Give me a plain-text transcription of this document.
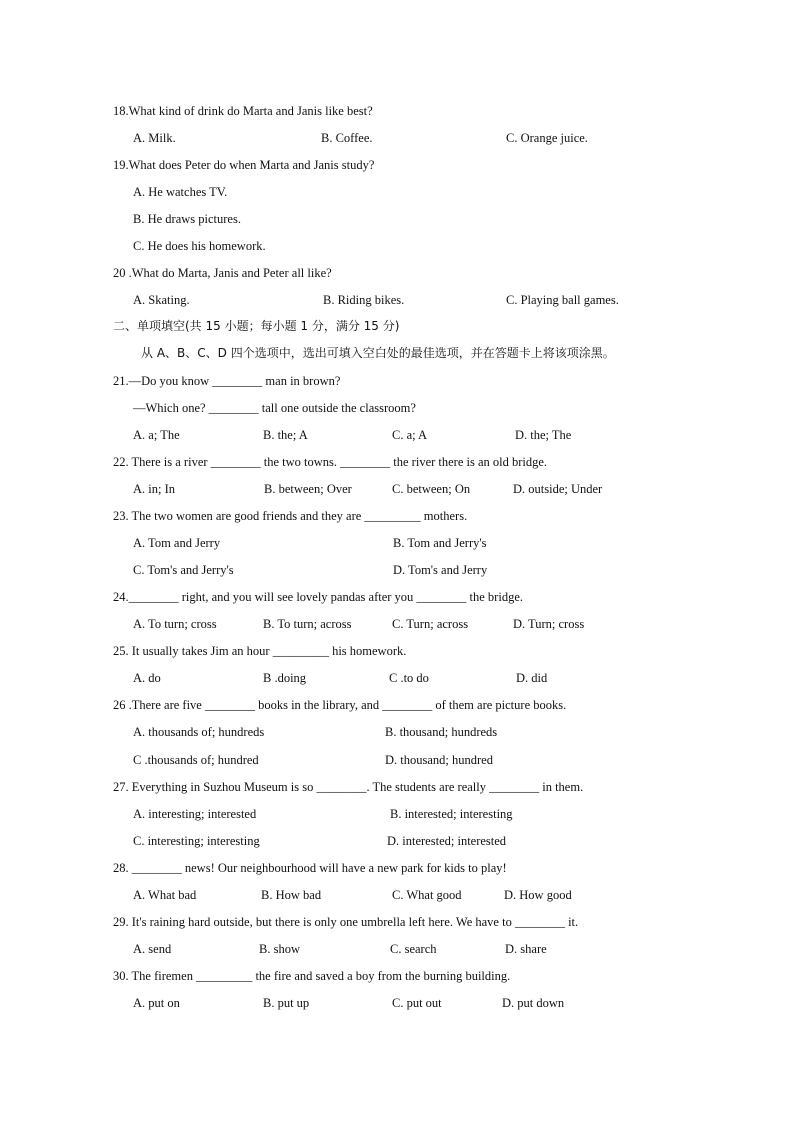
18.What kind of drink do Marta and Janis like best?
A. Milk.	B. Coffee.	C. Orange juice.
19.What does Peter do when Marta and Janis study?
A. He watches TV.
B. He draws pictures.
C. He does his homework.
20 .What do Marta, Janis and Peter all like?
A. Skating.	B. Riding bikes.	C. Playing ball games.
二、单项填空(共 15 小题；每小题 1 分，满分 15 分)
从 A、B、C、D 四个选项中，选出可填入空白处的最佳选项，并在答题卡上将该项涂黑。
21.—Do you know ________ man in brown?
—Which one? ________ tall one outside the classroom?
A. a; The	B. the; A	C. a; A	D. the; The
22. There is a river ________ the two towns. ________ the river there is an old bridge.
A. in; In	B. between; Over	C. between; On	D. outside; Under
23. The two women are good friends and they are _________ mothers.
A. Tom and Jerry	B. Tom and Jerry's
C. Tom's and Jerry's	D. Tom's and Jerry
24.________ right, and you will see lovely pandas after you ________ the bridge.
A. To turn; cross	B. To turn; across	C. Turn; across	D. Turn; cross
25. It usually takes Jim an hour _________ his homework.
A. do	B .doing	C .to do	D. did
26 .There are five ________ books in the library, and ________ of them are picture books.
A. thousands of; hundreds	B. thousand; hundreds
C .thousands of; hundred	D. thousand; hundred
27. Everything in Suzhou Museum is so ________. The students are really ________ in them.
A. interesting; interested	B. interested; interesting
C. interesting; interesting	D. interested; interested
28. ________ news! Our neighbourhood will have a new park for kids to play!
A. What bad	B. How bad	C. What good	D. How good
29. It's raining hard outside, but there is only one umbrella left here. We have to ________ it.
A. send	B. show	C. search	D. share
30. The firemen _________ the fire and saved a boy from the burning building.
A. put on	B. put up	C. put out	D. put down
